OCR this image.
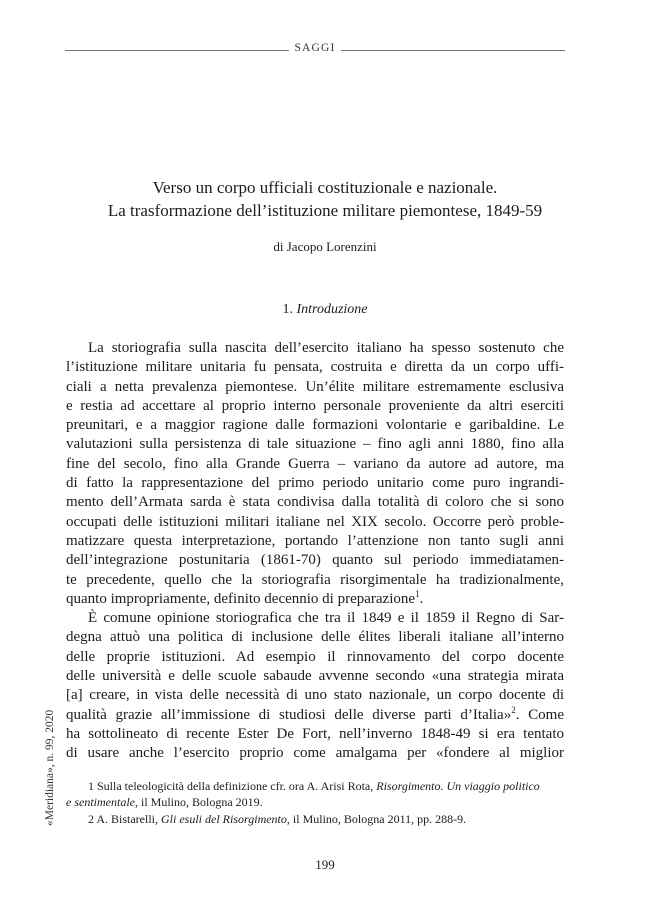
SAGGI
Verso un corpo ufficiali costituzionale e nazionale.
La trasformazione dell’istituzione militare piemontese, 1849-59
di Jacopo Lorenzini
1. Introduzione
La storiografia sulla nascita dell’esercito italiano ha spesso sostenuto che
l’istituzione militare unitaria fu pensata, costruita e diretta da un corpo uffi-
ciali a netta prevalenza piemontese. Un’élite militare estremamente esclusiva
e restia ad accettare al proprio interno personale proveniente da altri eserciti
preunitari, e a maggior ragione dalle formazioni volontarie e garibaldine. Le
valutazioni sulla persistenza di tale situazione – fino agli anni 1880, fino alla
fine del secolo, fino alla Grande Guerra – variano da autore ad autore, ma
di fatto la rappresentazione del primo periodo unitario come puro ingrandi-
mento dell’Armata sarda è stata condivisa dalla totalità di coloro che si sono
occupati delle istituzioni militari italiane nel XIX secolo. Occorre però proble-
matizzare questa interpretazione, portando l’attenzione non tanto sugli anni
dell’integrazione postunitaria (1861-70) quanto sul periodo immediatamen-
te precedente, quello che la storiografia risorgimentale ha tradizionalmente,
quanto impropriamente, definito decennio di preparazione$^1$.
È comune opinione storiografica che tra il 1849 e il 1859 il Regno di Sar-
degna attuò una politica di inclusione delle élites liberali italiane all’interno
delle proprie istituzioni. Ad esempio il rinnovamento del corpo docente
delle università e delle scuole sabaude avvenne secondo «una strategia mirata
[a] creare, in vista delle necessità di uno stato nazionale, un corpo docente di
qualità grazie all’immissione di studiosi delle diverse parti d’Italia»$^2$. Come
ha sottolineato di recente Ester De Fort, nell’inverno 1848-49 si era tentato
di usare anche l’esercito proprio come amalgama per «fondere al miglior
1 Sulla teleologicità della definizione cfr. ora A. Arisi Rota, Risorgimento. Un viaggio politico
e sentimentale, il Mulino, Bologna 2019.
2 A. Bistarelli, Gli esuli del Risorgimento, il Mulino, Bologna 2011, pp. 288-9.
199
«Meridiana», n. 99, 2020
